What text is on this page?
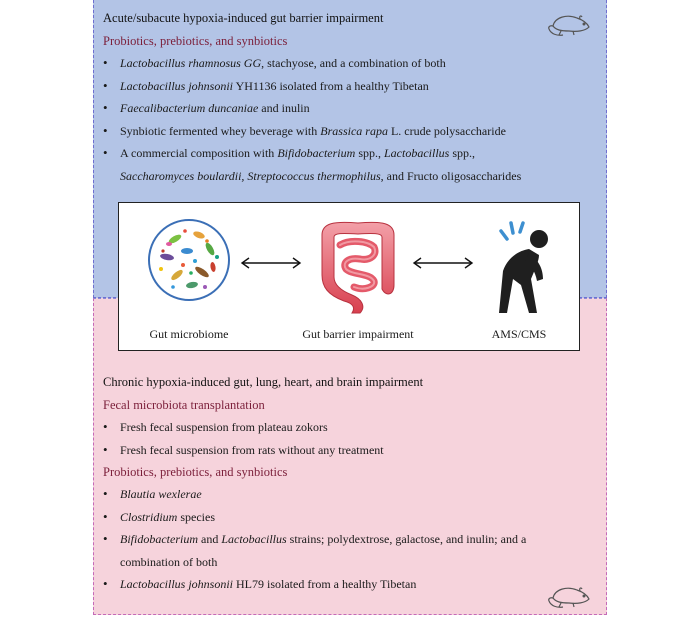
Acute/subacute hypoxia-induced gut barrier impairment
Probiotics, prebiotics, and synbiotics
• Lactobacillus rhamnosus GG, stachyose, and a combination of both
• Lactobacillus johnsonii YH1136 isolated from a healthy Tibetan
• Faecalibacterium duncaniae and inulin
• Synbiotic fermented whey beverage with Brassica rapa L. crude polysaccharide
• A commercial composition with Bifidobacterium spp., Lactobacillus spp.,
Saccharomyces boulardii, Streptococcus thermophilus, and Fructo oligosaccharides
Chronic hypoxia-induced gut, lung, heart, and brain impairment
Fecal microbiota transplantation
• Fresh fecal suspension from plateau zokors
• Fresh fecal suspension from rats without any treatment
Probiotics, prebiotics, and synbiotics
• Blautia wexlerae
• Clostridium species
• Bifidobacterium and Lactobacillus strains; polydextrose, galactose, and inulin; and a
combination of both
• Lactobacillus johnsonii HL79 isolated from a healthy Tibetan
Gut microbiome	Gut barrier impairment	AMS/CMS
